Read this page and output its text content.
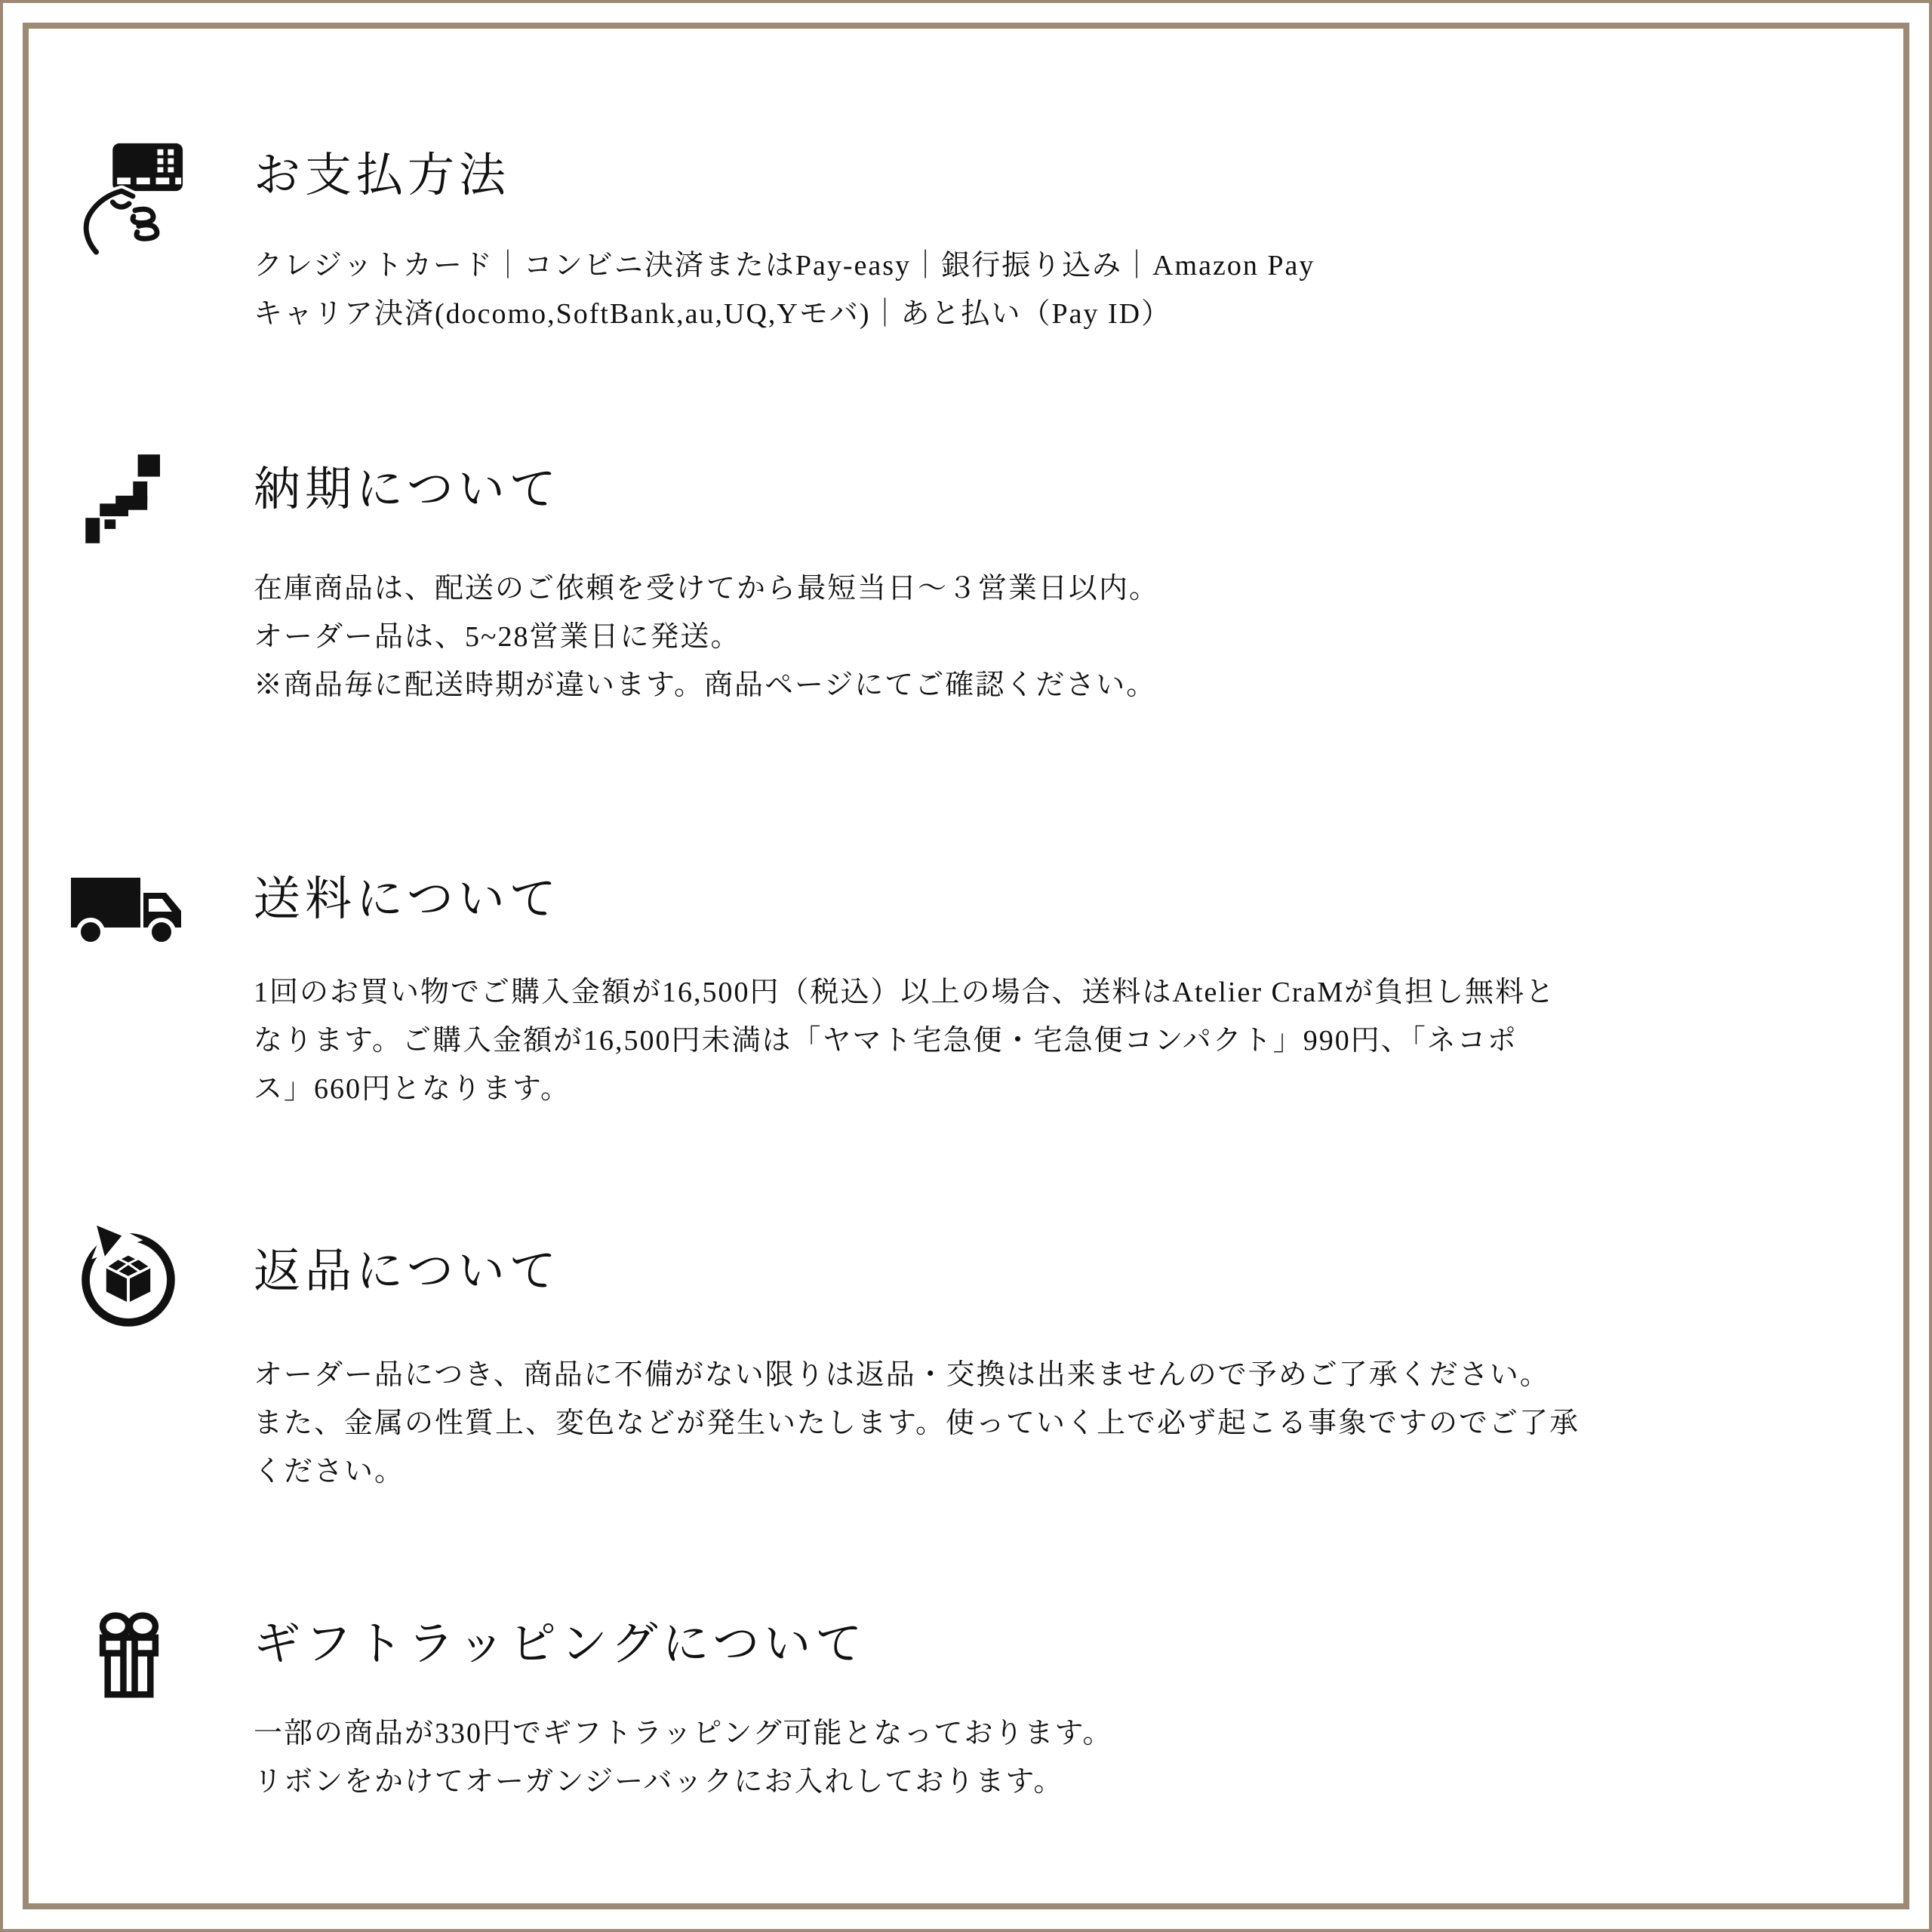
お支払方法
クレジットカード｜コンビニ決済またはPay-easy｜銀行振り込み｜Amazon Pay
キャリア決済(docomo,SoftBank,au,UQ,Yモバ)｜あと払い（Pay ID）
納期について
在庫商品は、配送のご依頼を受けてから最短当日～３営業日以内。
オーダー品は、5~28営業日に発送。
※商品毎に配送時期が違います。商品ページにてご確認ください。
送料について
1回のお買い物でご購入金額が16,500円（税込）以上の場合、送料はAtelier CraMが負担し無料と
なります。ご購入金額が16,500円未満は「ヤマト宅急便・宅急便コンパクト」990円、「ネコポ
ス」660円となります。
返品について
オーダー品につき、商品に不備がない限りは返品・交換は出来ませんので予めご了承ください。
また、金属の性質上、変色などが発生いたします。使っていく上で必ず起こる事象ですのでご了承
ください。
ギフトラッピングについて
一部の商品が330円でギフトラッピング可能となっております。
リボンをかけてオーガンジーバックにお入れしております。
